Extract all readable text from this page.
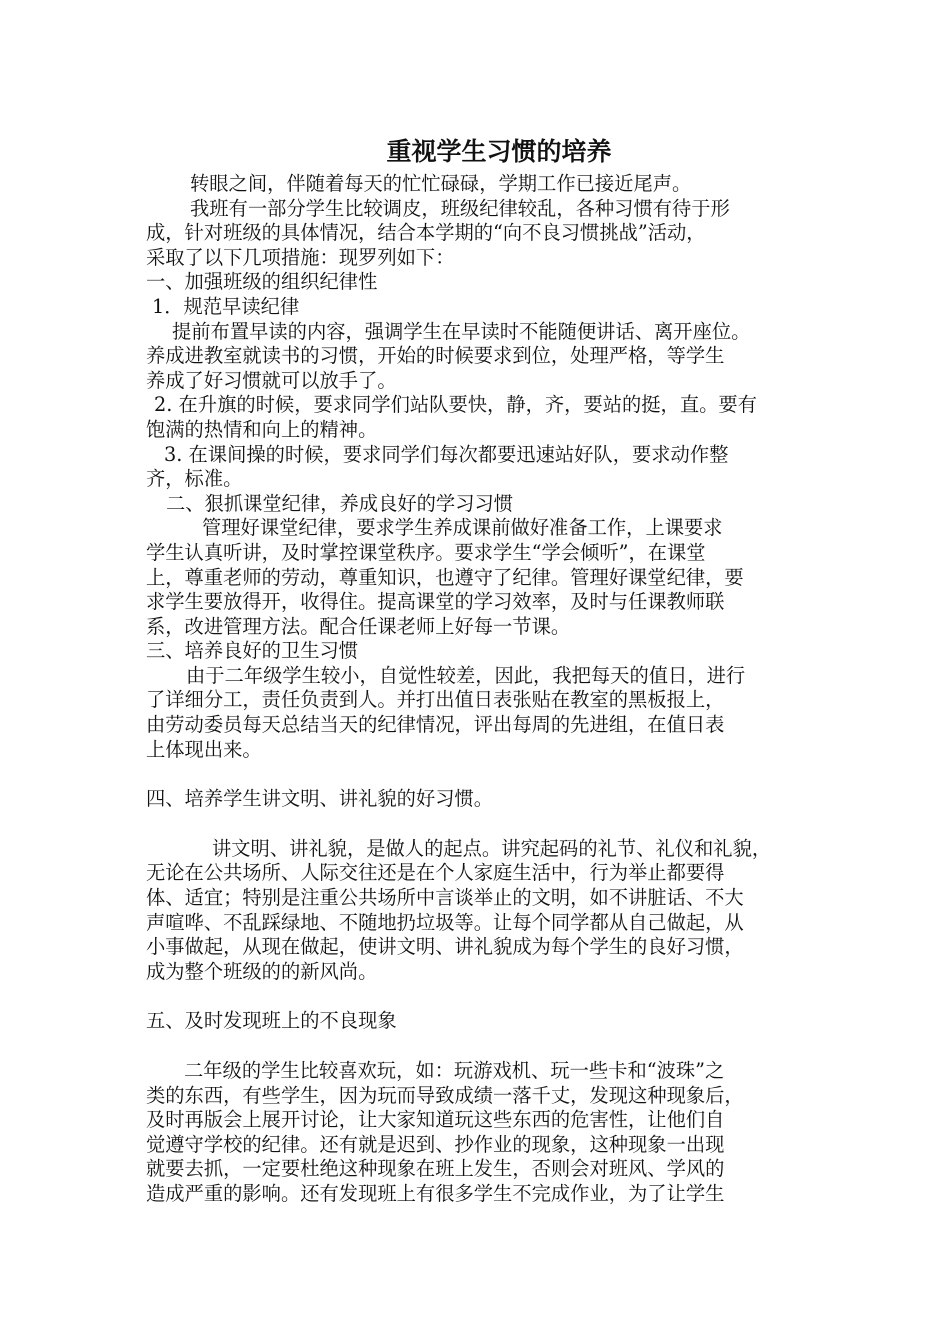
重视学生习惯的培养
转眼之间，伴随着每天的忙忙碌碌，学期工作已接近尾声。
我班有一部分学生比较调皮，班级纪律较乱，各种习惯有待于形
成，针对班级的具体情况，结合本学期的“向不良习惯挑战”活动，
采取了以下几项措施：现罗列如下：
一、加强班级的组织纪律性
1．规范早读纪律
提前布置早读的内容，强调学生在早读时不能随便讲话、离开座位。
养成进教室就读书的习惯，开始的时候要求到位，处理严格，等学生
养成了好习惯就可以放手了。
2. 在升旗的时候，要求同学们站队要快，静，齐，要站的挺，直。要有
饱满的热情和向上的精神。
3. 在课间操的时候，要求同学们每次都要迅速站好队，要求动作整
齐，标准。
二、狠抓课堂纪律，养成良好的学习习惯
管理好课堂纪律，要求学生养成课前做好准备工作，上课要求
学生认真听讲，及时掌控课堂秩序。要求学生“学会倾听”，在课堂
上，尊重老师的劳动，尊重知识，也遵守了纪律。管理好课堂纪律，要
求学生要放得开，收得住。提高课堂的学习效率，及时与任课教师联
系，改进管理方法。配合任课老师上好每一节课。
三、培养良好的卫生习惯
由于二年级学生较小，自觉性较差，因此，我把每天的值日，进行
了详细分工，责任负责到人。并打出值日表张贴在教室的黑板报上，
由劳动委员每天总结当天的纪律情况，评出每周的先进组，在值日表
上体现出来。
四、培养学生讲文明、讲礼貌的好习惯。
讲文明、讲礼貌，是做人的起点。讲究起码的礼节、礼仪和礼貌，
无论在公共场所、人际交往还是在个人家庭生活中，行为举止都要得
体、适宜；特别是注重公共场所中言谈举止的文明，如不讲脏话、不大
声喧哗、不乱踩绿地、不随地扔垃圾等。让每个同学都从自己做起，从
小事做起，从现在做起，使讲文明、讲礼貌成为每个学生的良好习惯，
成为整个班级的的新风尚。
五、及时发现班上的不良现象
二年级的学生比较喜欢玩，如：玩游戏机、玩一些卡和“波珠”之
类的东西，有些学生，因为玩而导致成绩一落千丈，发现这种现象后，
及时再版会上展开讨论，让大家知道玩这些东西的危害性，让他们自
觉遵守学校的纪律。还有就是迟到、抄作业的现象，这种现象一出现
就要去抓，一定要杜绝这种现象在班上发生，否则会对班风、学风的
造成严重的影响。还有发现班上有很多学生不完成作业，为了让学生
